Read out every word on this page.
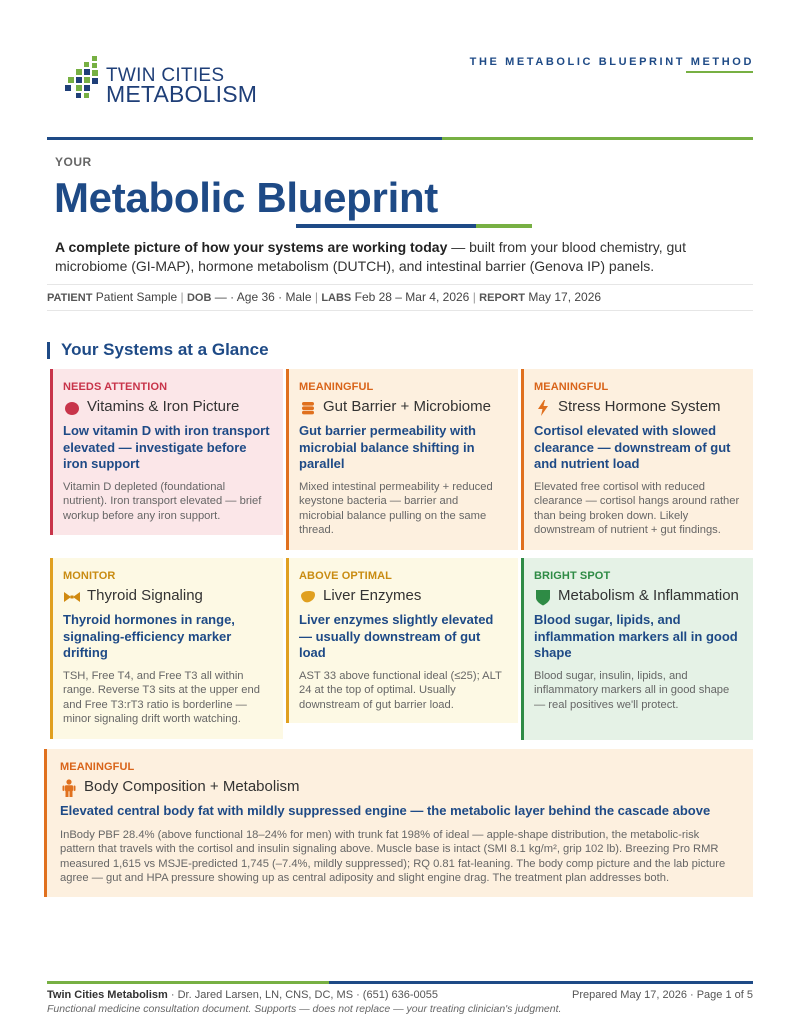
TWIN CITIES
METABOLISM
THE METABOLIC BLUEPRINT METHOD
YOUR
Metabolic Blueprint
A complete picture of how your systems are working today — built from your blood chemistry, gut microbiome (GI-MAP), hormone metabolism (DUTCH), and intestinal barrier (Genova IP) panels.
PATIENT Patient Sample | DOB — · Age 36 · Male | LABS Feb 28 – Mar 4, 2026 | REPORT May 17, 2026
Your Systems at a Glance
NEEDS ATTENTION
Vitamins & Iron Picture
Low vitamin D with iron transport elevated — investigate before iron support
Vitamin D depleted (foundational nutrient). Iron transport elevated — brief workup before any iron support.
MEANINGFUL
Gut Barrier + Microbiome
Gut barrier permeability with microbial balance shifting in parallel
Mixed intestinal permeability + reduced keystone bacteria — barrier and microbial balance pulling on the same thread.
MEANINGFUL
Stress Hormone System
Cortisol elevated with slowed clearance — downstream of gut and nutrient load
Elevated free cortisol with reduced clearance — cortisol hangs around rather than being broken down. Likely downstream of nutrient + gut findings.
MONITOR
Thyroid Signaling
Thyroid hormones in range, signaling-efficiency marker drifting
TSH, Free T4, and Free T3 all within range. Reverse T3 sits at the upper end and Free T3:rT3 ratio is borderline — minor signaling drift worth watching.
ABOVE OPTIMAL
Liver Enzymes
Liver enzymes slightly elevated — usually downstream of gut load
AST 33 above functional ideal (≤25); ALT 24 at the top of optimal. Usually downstream of gut barrier load.
BRIGHT SPOT
Metabolism & Inflammation
Blood sugar, lipids, and inflammation markers all in good shape
Blood sugar, insulin, lipids, and inflammatory markers all in good shape — real positives we'll protect.
MEANINGFUL
Body Composition + Metabolism
Elevated central body fat with mildly suppressed engine — the metabolic layer behind the cascade above
InBody PBF 28.4% (above functional 18–24% for men) with trunk fat 198% of ideal — apple-shape distribution, the metabolic-risk pattern that travels with the cortisol and insulin signaling above. Muscle base is intact (SMI 8.1 kg/m², grip 102 lb). Breezing Pro RMR measured 1,615 vs MSJE-predicted 1,745 (–7.4%, mildly suppressed); RQ 0.81 fat-leaning. The body comp picture and the lab picture agree — gut and HPA pressure showing up as central adiposity and slight engine drag. The treatment plan addresses both.
Twin Cities Metabolism · Dr. Jared Larsen, LN, CNS, DC, MS · (651) 636-0055	Prepared May 17, 2026 · Page 1 of 5
Functional medicine consultation document. Supports — does not replace — your treating clinician's judgment.
